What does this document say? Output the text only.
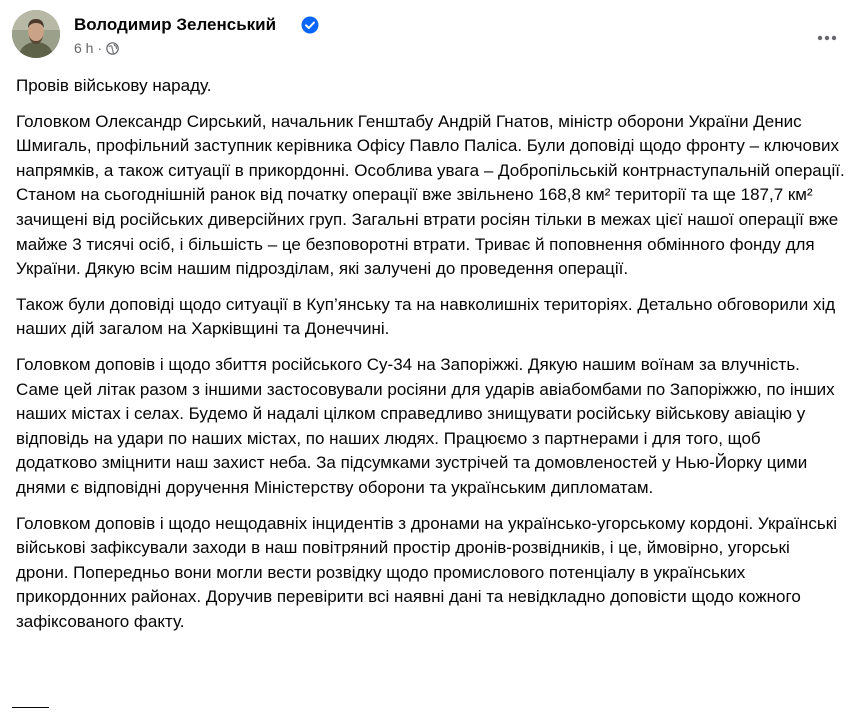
Володимир Зеленський
6 h ·

Провів військову нараду.

Головком Олександр Сирський, начальник Генштабу Андрій Гнатов, міністр оборони України Денис Шмигаль, профільний заступник керівника Офісу Павло Паліса. Були доповіді щодо фронту – ключових напрямків, а також ситуації в прикордонні. Особлива увага – Добропільській контрнаступальній операції. Станом на сьогоднішній ранок від початку операції вже звільнено 168,8 км² території та ще 187,7 км² зачищені від російських диверсійних груп. Загальні втрати росіян тільки в межах цієї нашої операції вже майже 3 тисячі осіб, і більшість – це безповоротні втрати. Триває й поповнення обмінного фонду для України. Дякую всім нашим підрозділам, які залучені до проведення операції.

Також були доповіді щодо ситуації в Куп’янську та на навколишніх територіях. Детально обговорили хід наших дій загалом на Харківщині та Донеччині.

Головком доповів і щодо збиття російського Су-34 на Запоріжжі. Дякую нашим воїнам за влучність. Саме цей літак разом з іншими застосовували росіяни для ударів авіабомбами по Запоріжжю, по інших наших містах і селах. Будемо й надалі цілком справедливо знищувати російську військову авіацію у відповідь на удари по наших містах, по наших людях. Працюємо з партнерами і для того, щоб додатково зміцнити наш захист неба. За підсумками зустрічей та домовленостей у Нью-Йорку цими днями є відповідні доручення Міністерству оборони та українським дипломатам.

Головком доповів і щодо нещодавніх інцидентів з дронами на українсько-угорському кордоні. Українські військові зафіксували заходи в наш повітряний простір дронів-розвідників, і це, ймовірно, угорські дрони. Попередньо вони могли вести розвідку щодо промислового потенціалу в українських прикордонних районах. Доручив перевірити всі наявні дані та невідкладно доповісти щодо кожного зафіксованого факту.
